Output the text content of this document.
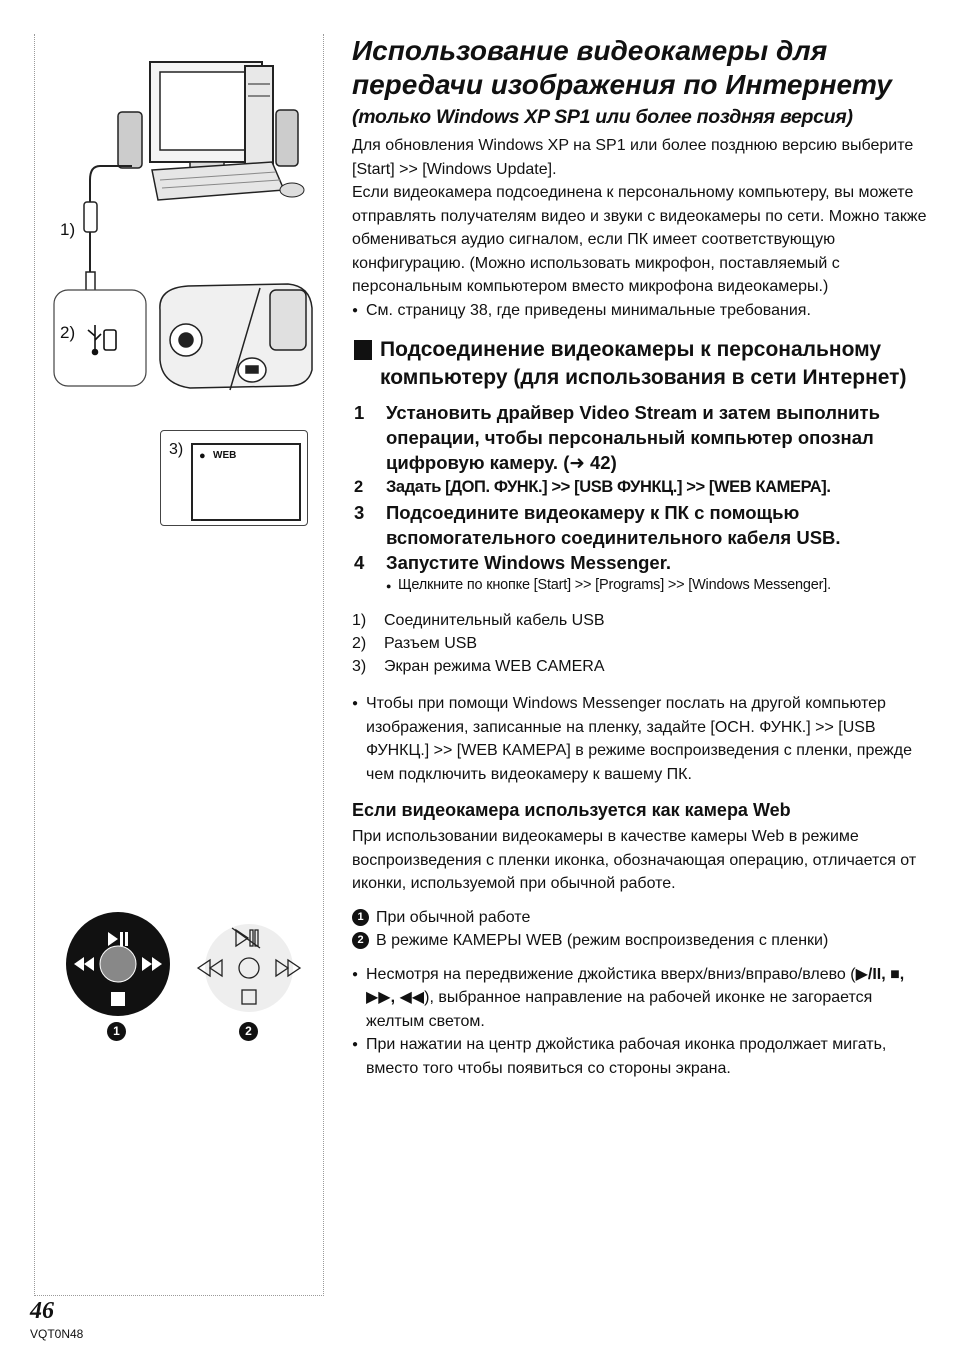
1)
2)
3) ● WEB
1	2
Использование видеокамеры для
передачи изображения по Интернету
(только Windows XP SP1 или более поздняя версия)

Для обновления Windows XP на SP1 или более позднюю версию выберите [Start] >> [Windows Update].

Если видеокамера подсоединена к персональному компьютеру, вы можете отправлять получателям видео и звуки с видеокамеры по сети. Можно также обмениваться аудио сигналом, если ПК имеет соответствующую конфигурацию. (Можно использовать микрофон, поставляемый с персональным компьютером вместо микрофона видеокамеры.)

● См. страницу 38, где приведены минимальные требования.

Подсоединение видеокамеры к персональному компьютеру (для использования в сети Интернет)
1 Установить драйвер Video Stream и затем выполнить операции, чтобы персональный компьютер опознал цифровую камеру. (➜ 42)
2 Задать [ДОП. ФУНК.] >> [USB ФУНКЦ.] >> [WEB КАМЕРА].
3 Подсоедините видеокамеру к ПК с помощью вспомогательного соединительного кабеля USB.
4 Запустите Windows Messenger.
● Щелкните по кнопке [Start] >> [Programs] >> [Windows Messenger].
1) Соединительный кабель USB
2) Разъем USB
3) Экран режима WEB CAMERA

● Чтобы при помощи Windows Messenger послать на другой компьютер изображения, записанные на пленку, задайте [ОСН. ФУНК.] >> [USB ФУНКЦ.] >> [WEB КАМЕРА] в режиме воспроизведения с пленки, прежде чем подключить видеокамеру к вашему ПК.

Если видеокамера используется как камера Web

При использовании видеокамеры в качестве камеры Web в режиме воспроизведения с пленки иконка, обозначающая операцию, отличается от иконки, используемой при обычной работе.

1 При обычной работе
2 В режиме КАМЕРЫ WEB (режим воспроизведения с пленки)

● Несмотря на передвижение джойстика вверх/вниз/вправо/влево (▶/II, ■, ▶▶, ◀◀), выбранное направление на рабочей иконке не загорается желтым светом.

● При нажатии на центр джойстика рабочая иконка продолжает мигать, вместо того чтобы появиться со стороны экрана.

46
VQT0N48
